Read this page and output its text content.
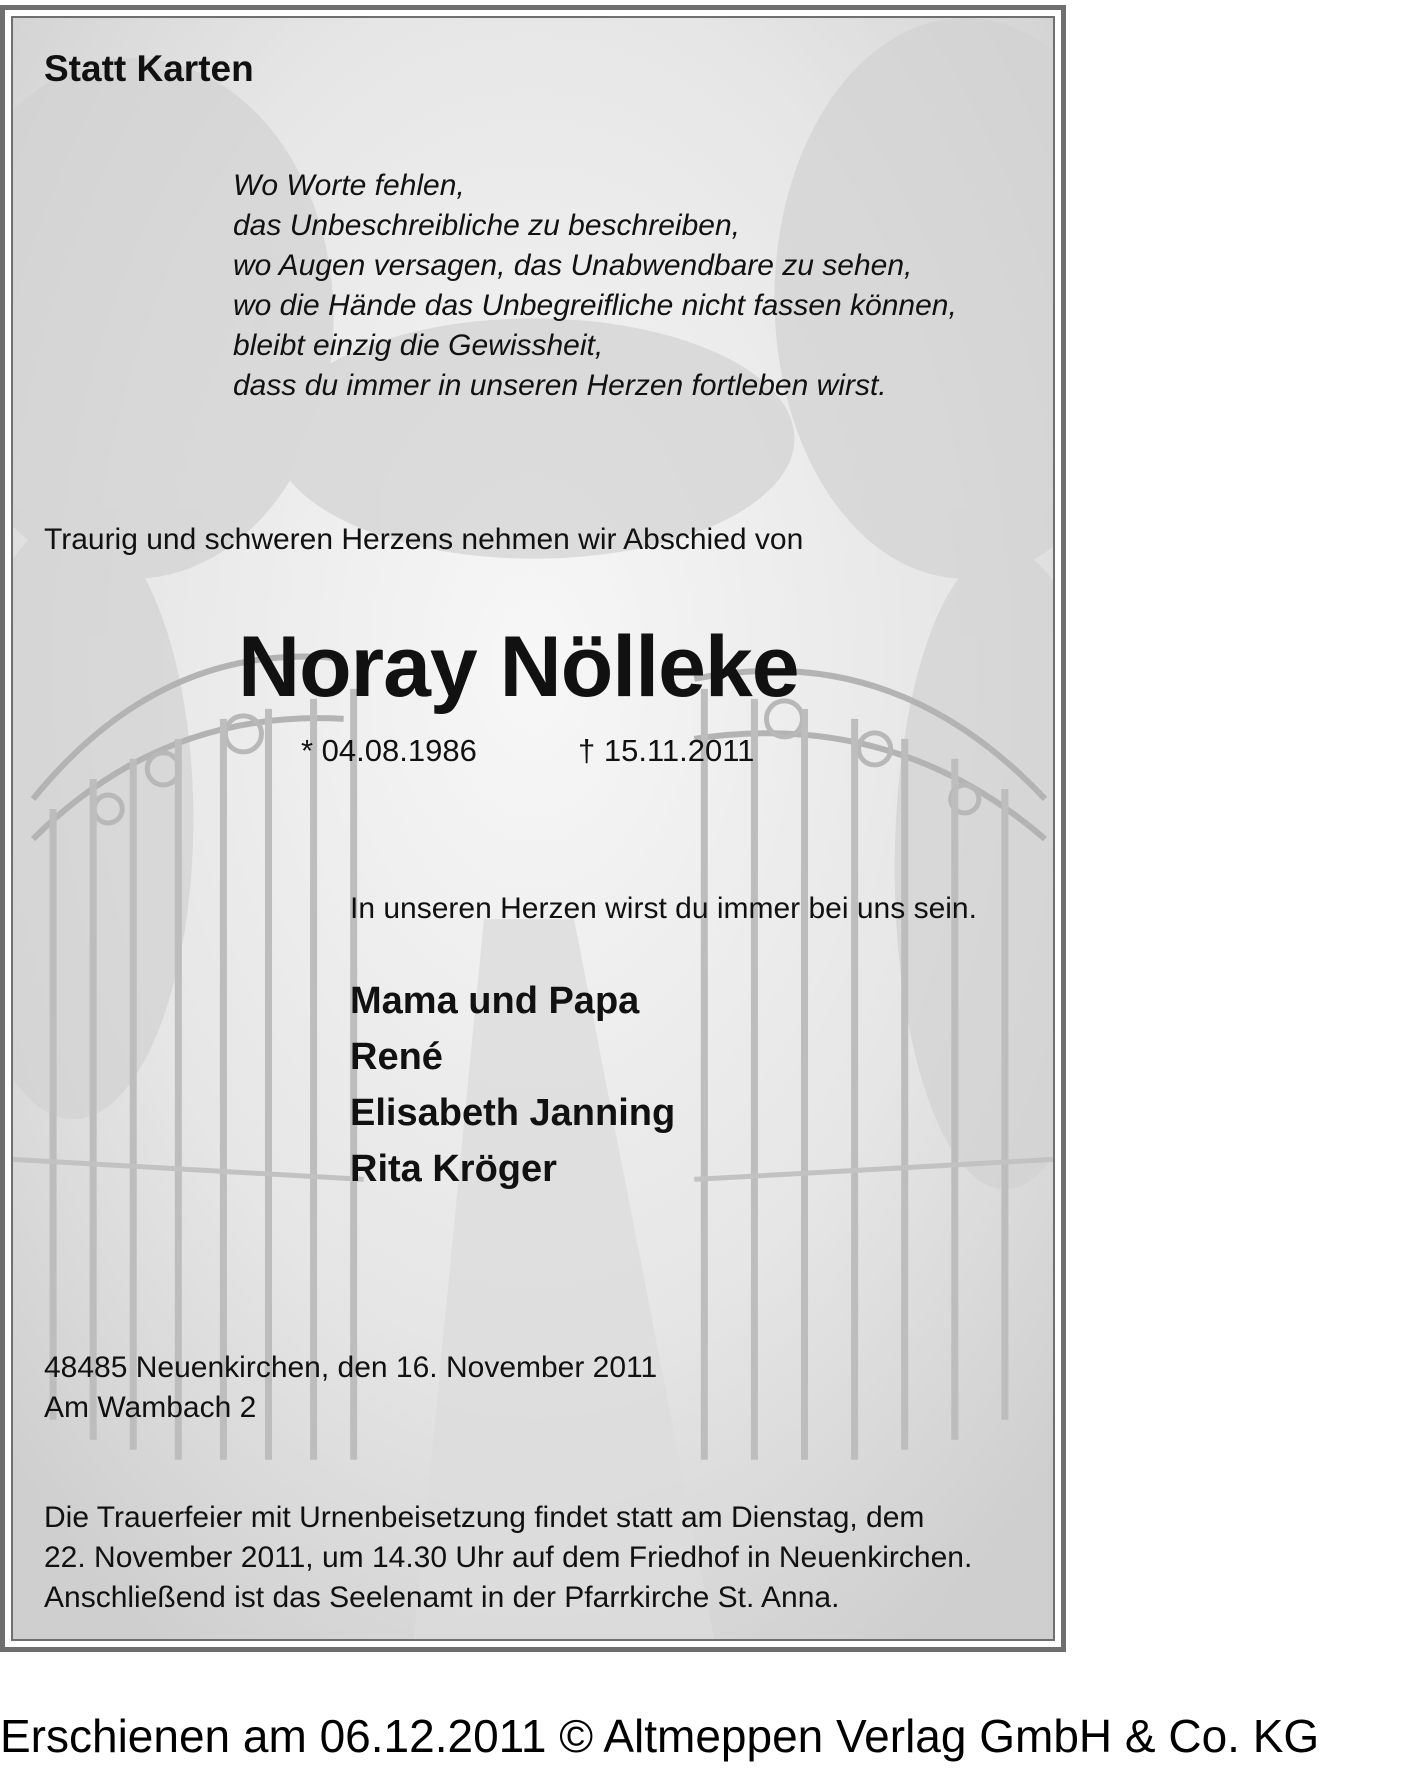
Statt Karten
Wo Worte fehlen,
das Unbeschreibliche zu beschreiben,
wo Augen versagen, das Unabwendbare zu sehen,
wo die Hände das Unbegreifliche nicht fassen können,
bleibt einzig die Gewissheit,
dass du immer in unseren Herzen fortleben wirst.
Traurig und schweren Herzens nehmen wir Abschied von
Noray Nölleke
* 04.08.1986	† 15.11.2011
In unseren Herzen wirst du immer bei uns sein.
Mama und Papa
René
Elisabeth Janning
Rita Kröger
48485 Neuenkirchen, den 16. November 2011
Am Wambach 2
Die Trauerfeier mit Urnenbeisetzung findet statt am Dienstag, dem
22. November 2011, um 14.30 Uhr auf dem Friedhof in Neuenkirchen.
Anschließend ist das Seelenamt in der Pfarrkirche St. Anna.
Erschienen am 06.12.2011 © Altmeppen Verlag GmbH & Co. KG
